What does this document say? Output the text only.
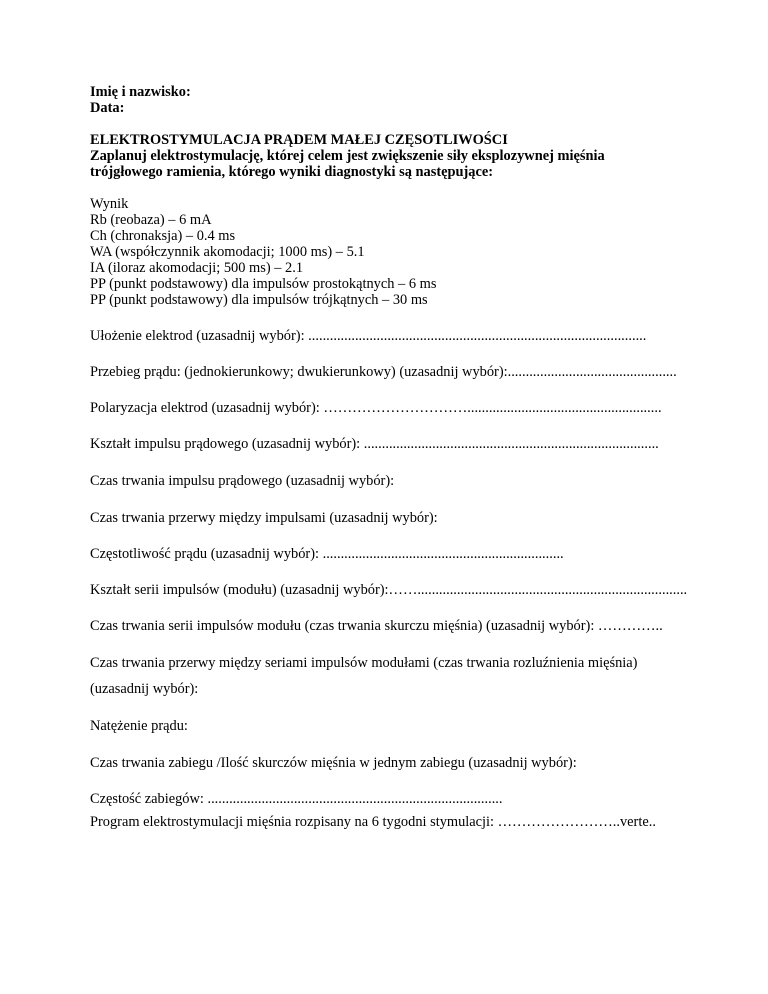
Imię i nazwisko:
Data:
ELEKTROSTYMULACJA PRĄDEM MAŁEJ CZĘSOTLIWOŚCI
Zaplanuj elektrostymulację, której celem jest zwiększenie siły eksplozywnej mięśnia
trójgłowego ramienia, którego wyniki diagnostyki są następujące:
Wynik
Rb (reobaza) – 6 mA
Ch (chronaksja) – 0.4 ms
WA (współczynnik akomodacji; 1000 ms) – 5.1
IA (iloraz akomodacji; 500 ms) – 2.1
PP (punkt podstawowy) dla impulsów prostokątnych – 6 ms
PP (punkt podstawowy) dla impulsów trójkątnych – 30 ms
Ułożenie elektrod (uzasadnij wybór): ..............................................................................................
Przebieg prądu: (jednokierunkowy; dwukierunkowy) (uzasadnij wybór):...............................................
Polaryzacja elektrod (uzasadnij wybór): …………………………......................................................
Kształt impulsu prądowego (uzasadnij wybór): ..................................................................................
Czas trwania impulsu prądowego (uzasadnij wybór):
Czas trwania przerwy między impulsami (uzasadnij wybór):
Częstotliwość prądu (uzasadnij wybór): ...................................................................
Kształt serii impulsów (modułu) (uzasadnij wybór):……...........................................................................
Czas trwania serii impulsów modułu (czas trwania skurczu mięśnia) (uzasadnij wybór): …………..
Czas trwania przerwy między seriami impulsów modułami (czas trwania rozluźnienia mięśnia)
(uzasadnij wybór):
Natężenie prądu:
Czas trwania zabiegu /Ilość skurczów mięśnia w jednym zabiegu (uzasadnij wybór):
Częstość zabiegów: ..................................................................................
Program elektrostymulacji mięśnia rozpisany na 6 tygodni stymulacji: ……………………..verte..
